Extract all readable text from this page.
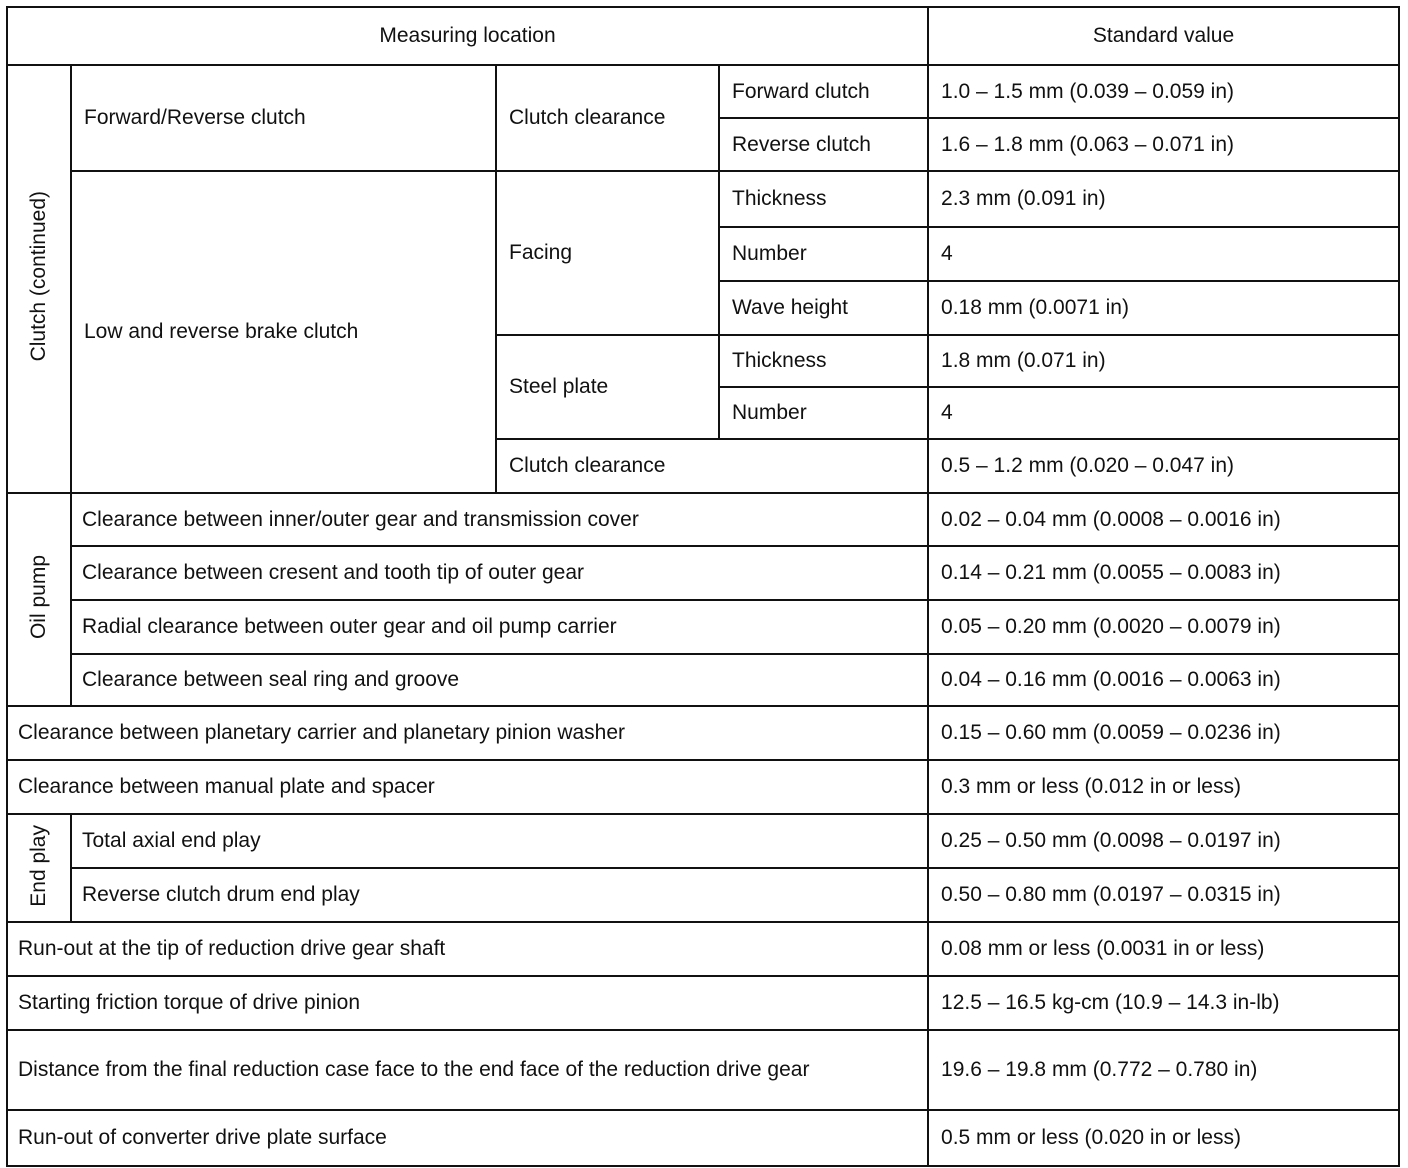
Measuring location				Standard value
Clutch (continued)	Forward/Reverse clutch	Clutch clearance	Forward clutch	1.0 – 1.5 mm (0.039 – 0.059 in)
			Reverse clutch	1.6 – 1.8 mm (0.063 – 0.071 in)
	Low and reverse brake clutch	Facing	Thickness	2.3 mm (0.091 in)
			Number	4
			Wave height	0.18 mm (0.0071 in)
		Steel plate	Thickness	1.8 mm (0.071 in)
			Number	4
		Clutch clearance		0.5 – 1.2 mm (0.020 – 0.047 in)
Oil pump	Clearance between inner/outer gear and transmission cover			0.02 – 0.04 mm (0.0008 – 0.0016 in)
	Clearance between cresent and tooth tip of outer gear			0.14 – 0.21 mm (0.0055 – 0.0083 in)
	Radial clearance between outer gear and oil pump carrier			0.05 – 0.20 mm (0.0020 – 0.0079 in)
	Clearance between seal ring and groove			0.04 – 0.16 mm (0.0016 – 0.0063 in)
Clearance between planetary carrier and planetary pinion washer				0.15 – 0.60 mm (0.0059 – 0.0236 in)
Clearance between manual plate and spacer				0.3 mm or less (0.012 in or less)
End play	Total axial end play			0.25 – 0.50 mm (0.0098 – 0.0197 in)
	Reverse clutch drum end play			0.50 – 0.80 mm (0.0197 – 0.0315 in)
Run-out at the tip of reduction drive gear shaft				0.08 mm or less (0.0031 in or less)
Starting friction torque of drive pinion				12.5 – 16.5 kg-cm (10.9 – 14.3 in-lb)
Distance from the final reduction case face to the end face of the reduction drive gear				19.6 – 19.8 mm (0.772 – 0.780 in)
Run-out of converter drive plate surface				0.5 mm or less (0.020 in or less)
